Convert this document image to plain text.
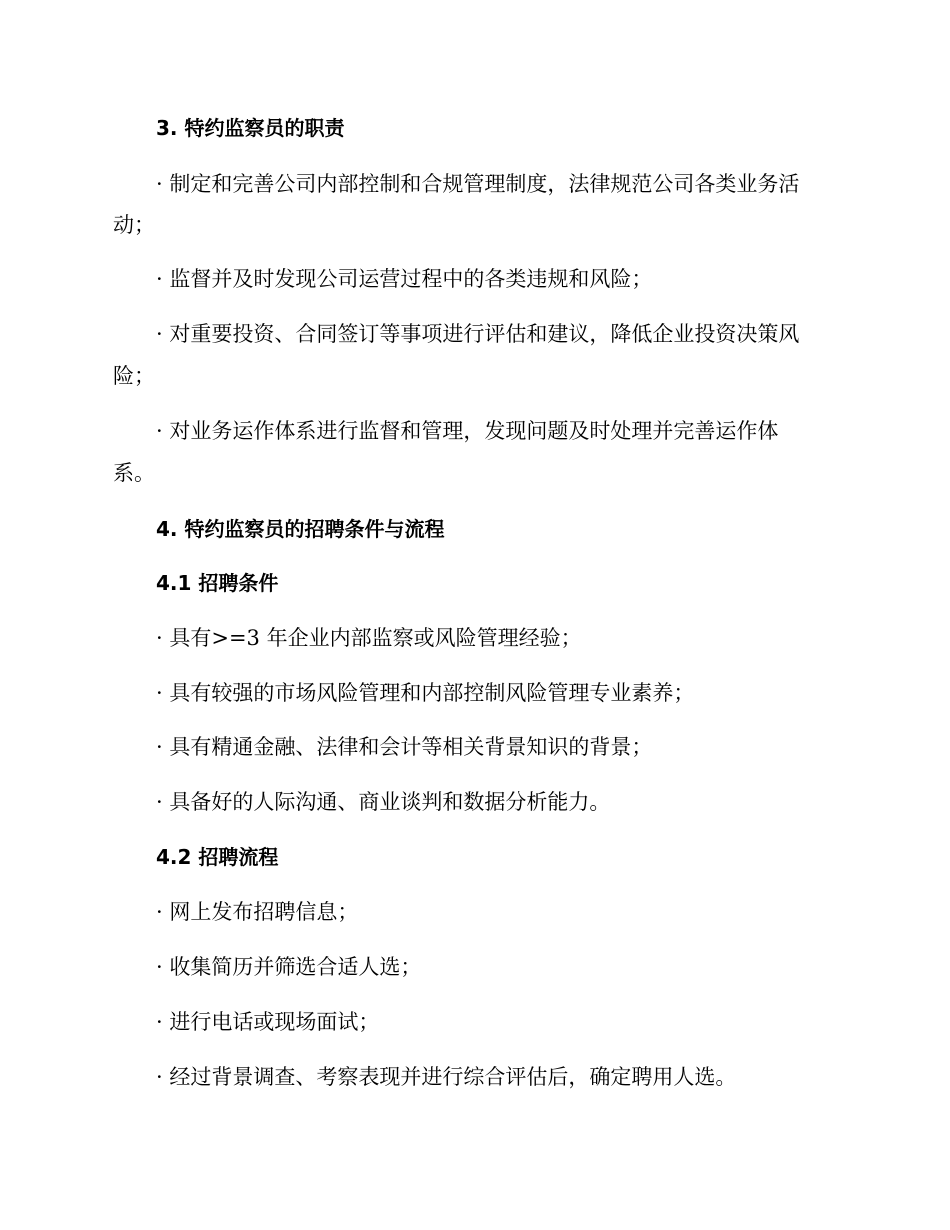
3. 特约监察员的职责
· 制定和完善公司内部控制和合规管理制度，法律规范公司各类业务活
动；
· 监督并及时发现公司运营过程中的各类违规和风险；
· 对重要投资、合同签订等事项进行评估和建议，降低企业投资决策风
险；
· 对业务运作体系进行监督和管理，发现问题及时处理并完善运作体
系。
4. 特约监察员的招聘条件与流程
4.1 招聘条件
· 具有>=3 年企业内部监察或风险管理经验；
· 具有较强的市场风险管理和内部控制风险管理专业素养；
· 具有精通金融、法律和会计等相关背景知识的背景；
· 具备好的人际沟通、商业谈判和数据分析能力。
4.2 招聘流程
· 网上发布招聘信息；
· 收集简历并筛选合适人选；
· 进行电话或现场面试；
· 经过背景调查、考察表现并进行综合评估后，确定聘用人选。
